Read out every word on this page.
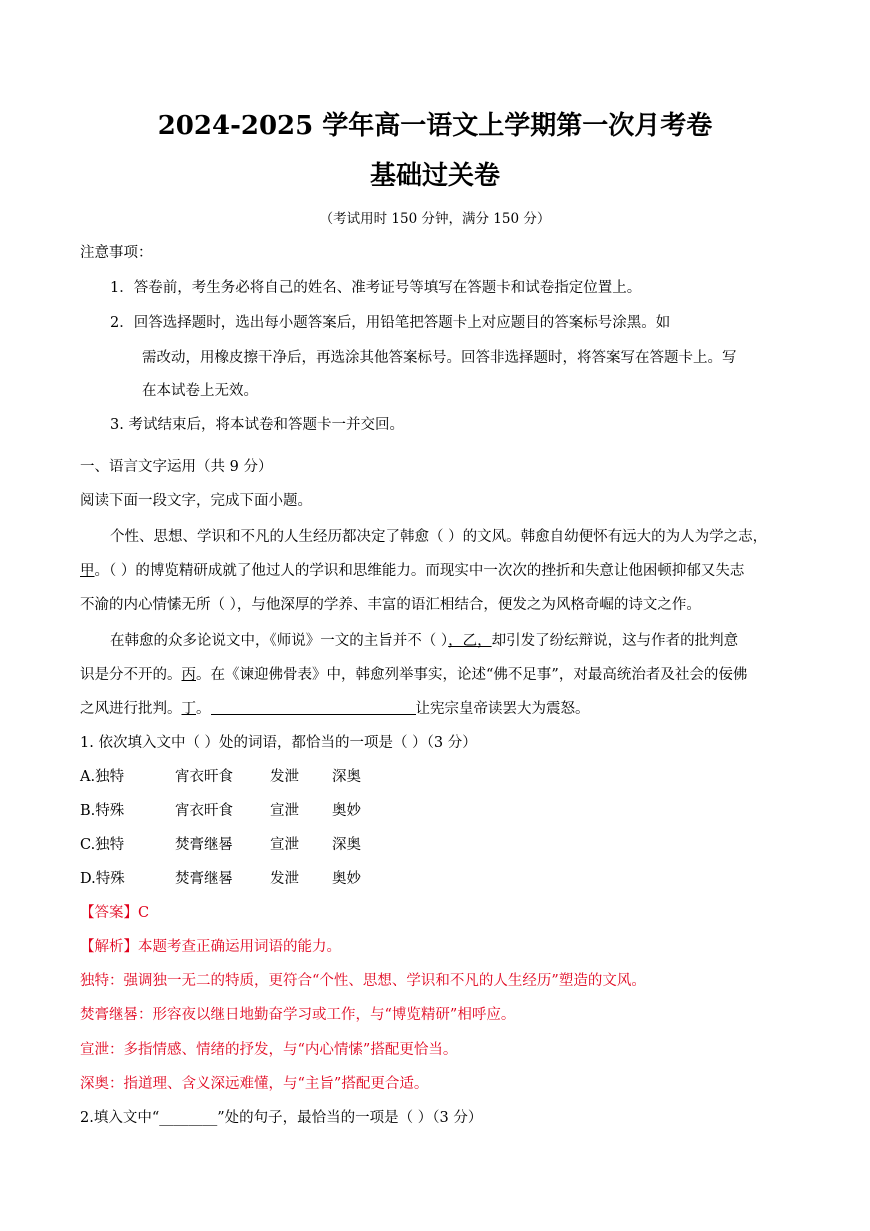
2024-2025 学年高一语文上学期第一次月考卷
基础过关卷
（考试用时 150 分钟，满分 150 分）
注意事项：
1．答卷前，考生务必将自己的姓名、准考证号等填写在答题卡和试卷指定位置上。
2．回答选择题时，选出每小题答案后，用铅笔把答题卡上对应题目的答案标号涂黑。如
需改动，用橡皮擦干净后，再选涂其他答案标号。回答非选择题时，将答案写在答题卡上。写
在本试卷上无效。
3. 考试结束后，将本试卷和答题卡一并交回。
一、语言文字运用（共 9 分）
阅读下面一段文字，完成下面小题。
个性、思想、学识和不凡的人生经历都决定了韩愈（ ）的文风。韩愈自幼便怀有远大的为人为学之志，
甲。（ ）的博览精研成就了他过人的学识和思维能力。而现实中一次次的挫折和失意让他困顿抑郁又失志
不渝的内心情愫无所（ ），与他深厚的学养、丰富的语汇相结合，便发之为风格奇崛的诗文之作。
在韩愈的众多论说文中，《师说》一文的主旨并不（ ），乙，却引发了纷纭辩说，这与作者的批判意
识是分不开的。丙。在《谏迎佛骨表》中，韩愈列举事实，论述“佛不足事”，对最高统治者及社会的佞佛
之风进行批判。丁。	让宪宗皇帝读罢大为震怒。
1. 依次填入文中（ ）处的词语，都恰当的一项是（ ）（3 分）
A.独特	宵衣旰食	发泄 深奥
B.特殊	宵衣旰食	宣泄 奥妙
C.独特	焚膏继晷	宣泄 深奥
D.特殊	焚膏继晷	发泄 奥妙
【答案】C
【解析】本题考查正确运用词语的能力。
独特：强调独一无二的特质，更符合“个性、思想、学识和不凡的人生经历”塑造的文风。
焚膏继晷：形容夜以继日地勤奋学习或工作，与“博览精研”相呼应。
宣泄：多指情感、情绪的抒发，与“内心情愫”搭配更恰当。
深奥：指道理、含义深远难懂，与“主旨”搭配更合适。
2.填入文中“________”处的句子，最恰当的一项是（ ）（3 分）
